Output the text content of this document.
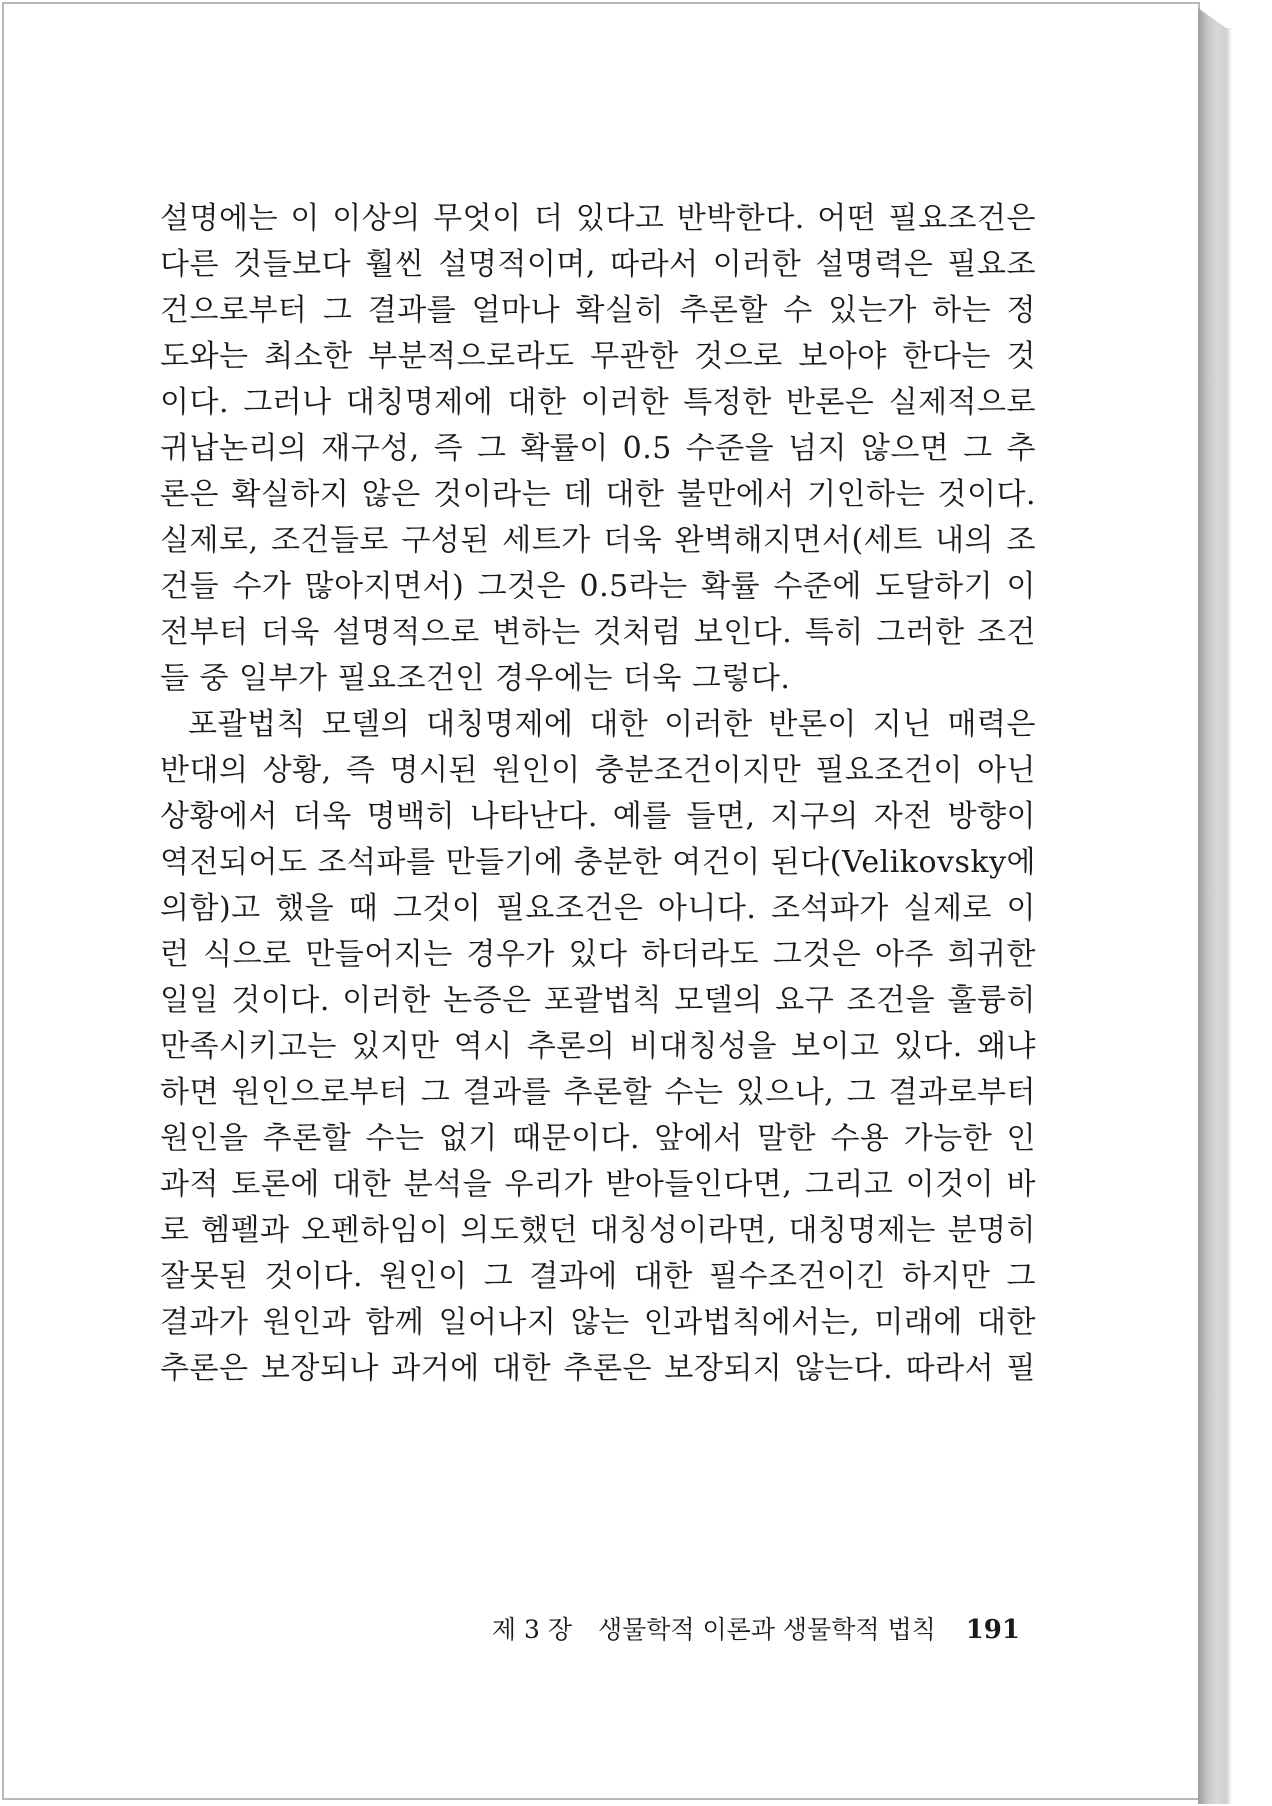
설명에는 이 이상의 무엇이 더 있다고 반박한다. 어떤 필요조건은
다른 것들보다 훨씬 설명적이며, 따라서 이러한 설명력은 필요조
건으로부터 그 결과를 얼마나 확실히 추론할 수 있는가 하는 정
도와는 최소한 부분적으로라도 무관한 것으로 보아야 한다는 것
이다. 그러나 대칭명제에 대한 이러한 특정한 반론은 실제적으로
귀납논리의 재구성, 즉 그 확률이 0.5 수준을 넘지 않으면 그 추
론은 확실하지 않은 것이라는 데 대한 불만에서 기인하는 것이다.
실제로, 조건들로 구성된 세트가 더욱 완벽해지면서(세트 내의 조
건들 수가 많아지면서) 그것은 0.5라는 확률 수준에 도달하기 이
전부터 더욱 설명적으로 변하는 것처럼 보인다. 특히 그러한 조건
들 중 일부가 필요조건인 경우에는 더욱 그렇다.
포괄법칙 모델의 대칭명제에 대한 이러한 반론이 지닌 매력은
반대의 상황, 즉 명시된 원인이 충분조건이지만 필요조건이 아닌
상황에서 더욱 명백히 나타난다. 예를 들면, 지구의 자전 방향이
역전되어도 조석파를 만들기에 충분한 여건이 된다(Velikovsky에
의함)고 했을 때 그것이 필요조건은 아니다. 조석파가 실제로 이
런 식으로 만들어지는 경우가 있다 하더라도 그것은 아주 희귀한
일일 것이다. 이러한 논증은 포괄법칙 모델의 요구 조건을 훌륭히
만족시키고는 있지만 역시 추론의 비대칭성을 보이고 있다. 왜냐
하면 원인으로부터 그 결과를 추론할 수는 있으나, 그 결과로부터
원인을 추론할 수는 없기 때문이다. 앞에서 말한 수용 가능한 인
과적 토론에 대한 분석을 우리가 받아들인다면, 그리고 이것이 바
로 헴펠과 오펜하임이 의도했던 대칭성이라면, 대칭명제는 분명히
잘못된 것이다. 원인이 그 결과에 대한 필수조건이긴 하지만 그
결과가 원인과 함께 일어나지 않는 인과법칙에서는, 미래에 대한
추론은 보장되나 과거에 대한 추론은 보장되지 않는다. 따라서 필
제 3 장 생물학적 이론과 생물학적 법칙 191
